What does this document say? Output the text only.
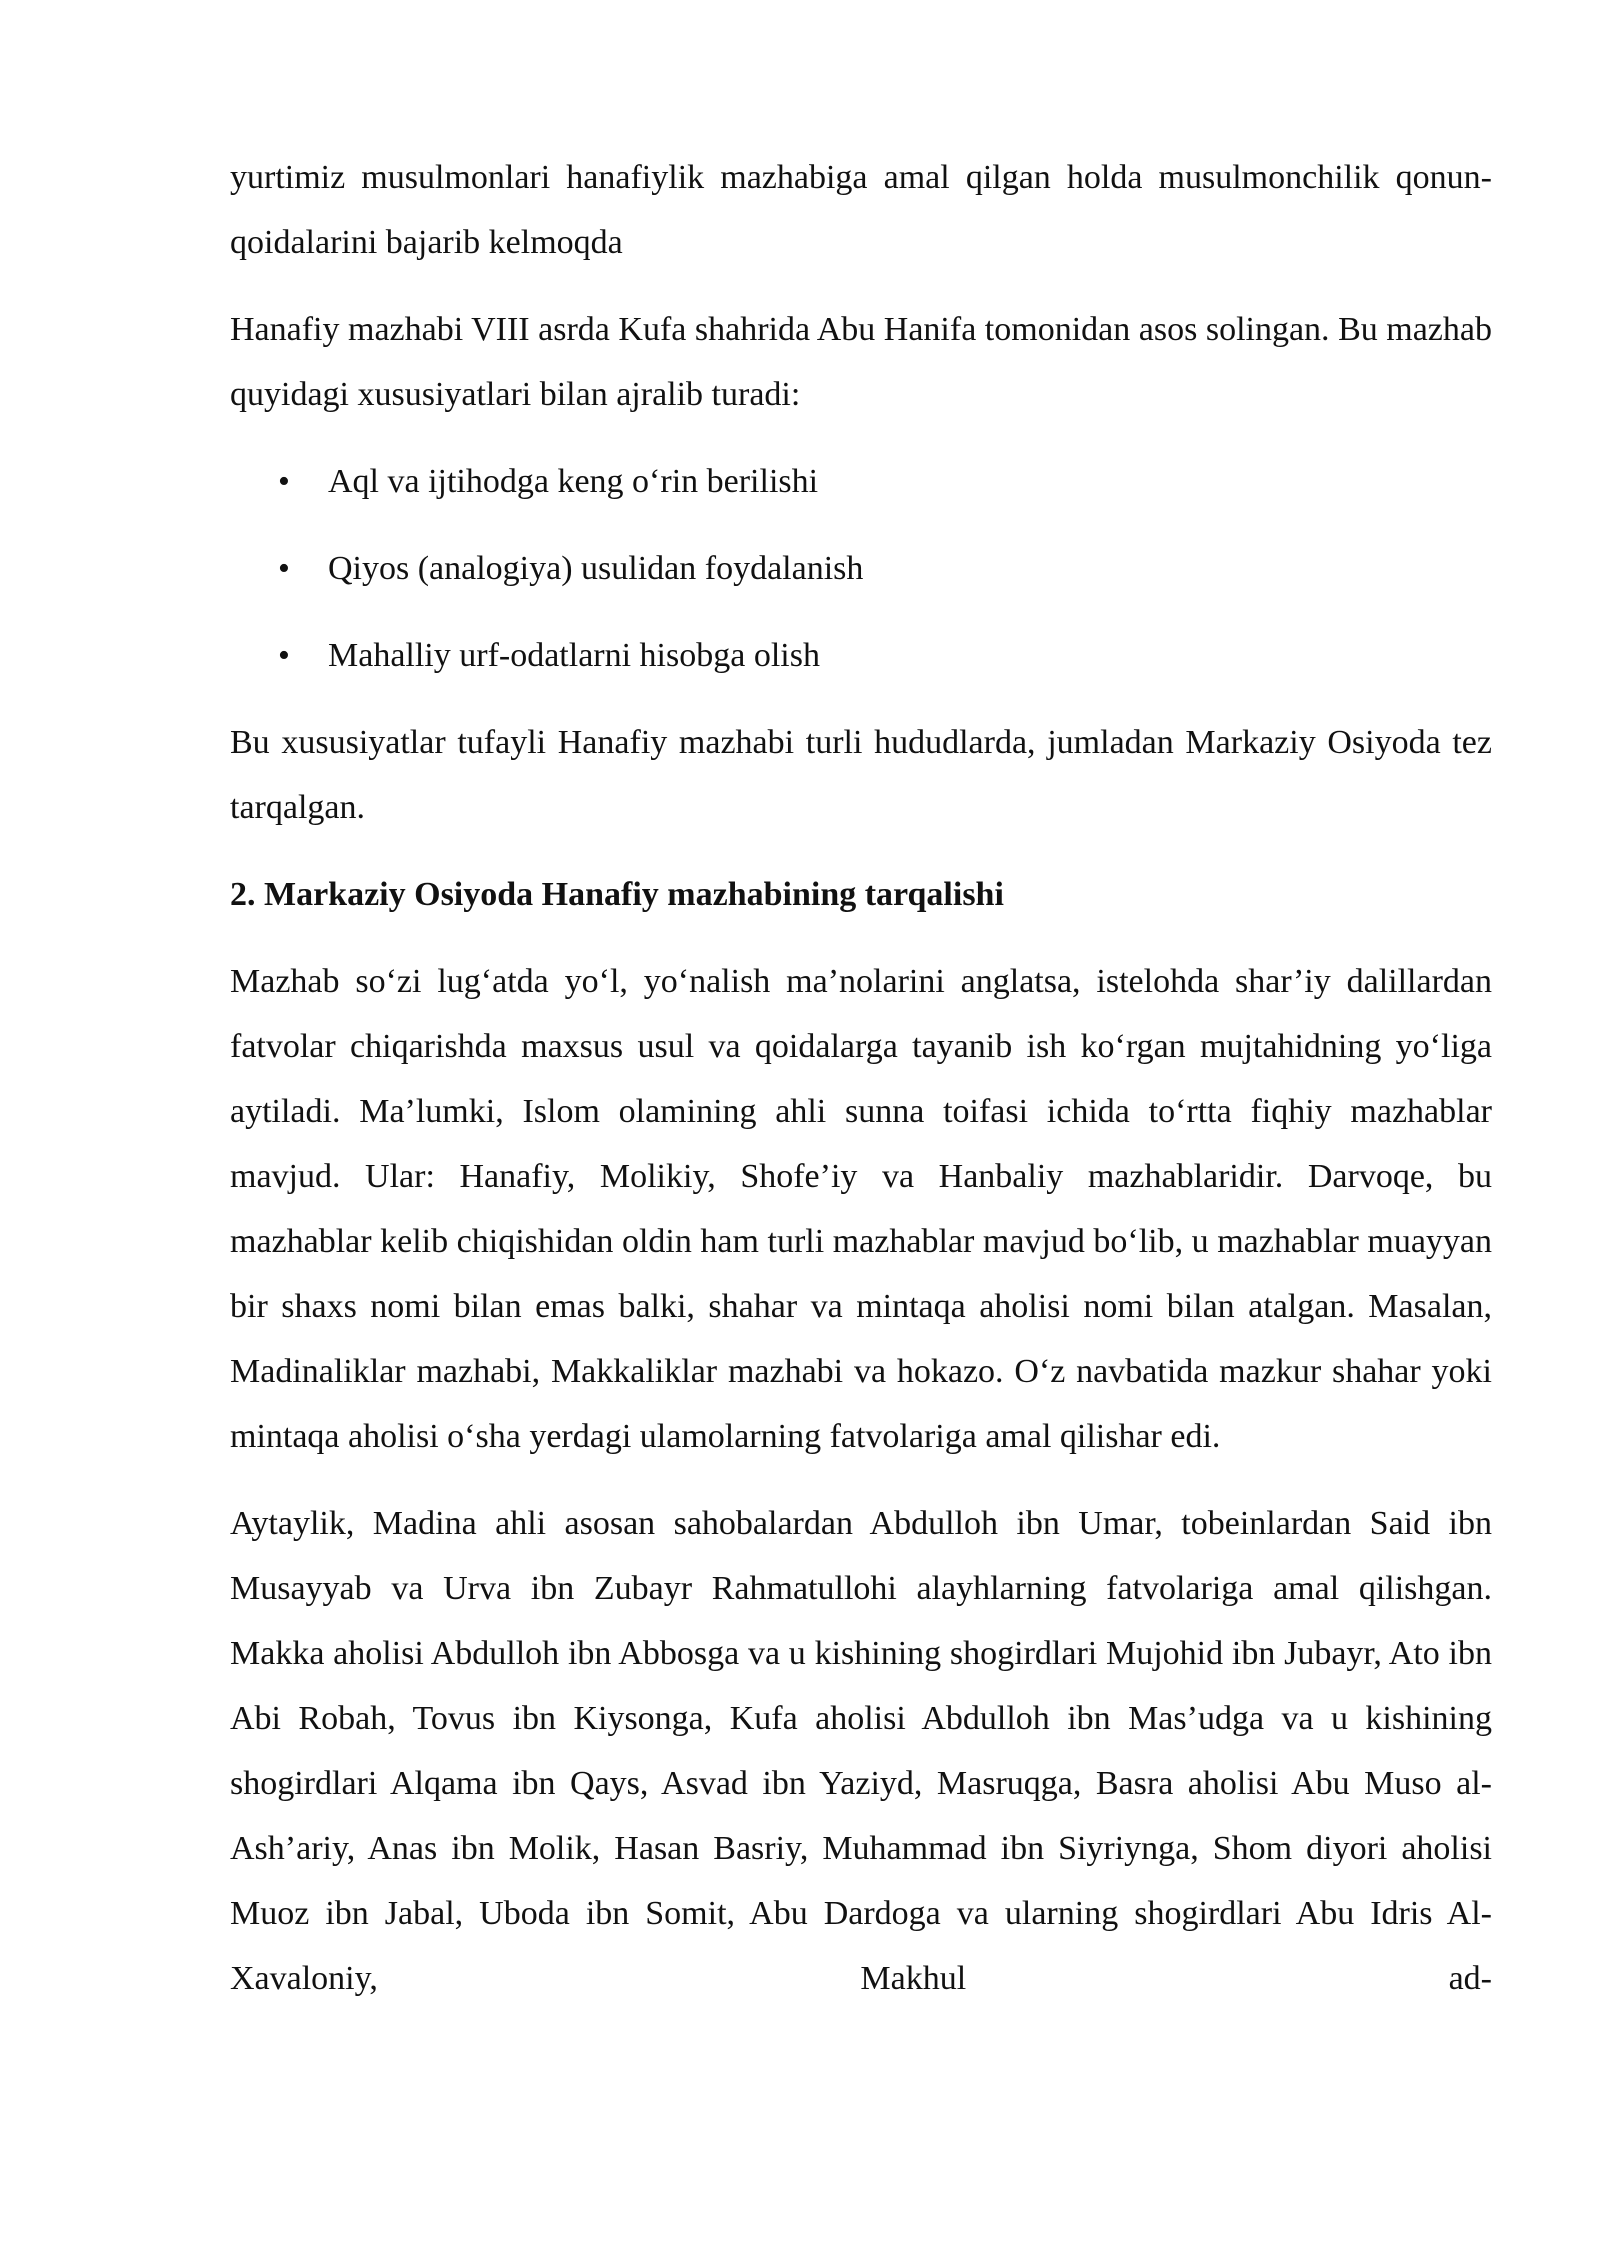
yurtimiz musulmonlari hanafiylik mazhabiga amal qilgan holda musulmonchilik qonun-qoidalarini bajarib kelmoqda

Hanafiy mazhabi VIII asrda Kufa shahrida Abu Hanifa tomonidan asos solingan. Bu mazhab quyidagi xususiyatlari bilan ajralib turadi:

• Aql va ijtihodga keng o‘rin berilishi
• Qiyos (analogiya) usulidan foydalanish
• Mahalliy urf-odatlarni hisobga olish

Bu xususiyatlar tufayli Hanafiy mazhabi turli hududlarda, jumladan Markaziy Osiyoda tez tarqalgan.

2. Markaziy Osiyoda Hanafiy mazhabining tarqalishi

Mazhab so‘zi lug‘atda yo‘l, yo‘nalish ma’nolarini anglatsa, istelohda shar’iy dalillardan fatvolar chiqarishda maxsus usul va qoidalarga tayanib ish ko‘rgan mujtahidning yo‘liga aytiladi. Ma’lumki, Islom olamining ahli sunna toifasi ichida to‘rtta fiqhiy mazhablar mavjud. Ular: Hanafiy, Molikiy, Shofe’iy va Hanbaliy mazhablaridir. Darvoqe, bu mazhablar kelib chiqishidan oldin ham turli mazhablar mavjud bo‘lib, u mazhablar muayyan bir shaxs nomi bilan emas balki, shahar va mintaqa aholisi nomi bilan atalgan. Masalan, Madinaliklar mazhabi, Makkaliklar mazhabi va hokazo. O‘z navbatida mazkur shahar yoki mintaqa aholisi o‘sha yerdagi ulamolarning fatvolariga amal qilishar edi.

Aytaylik, Madina ahli asosan sahobalardan Abdulloh ibn Umar, tobeinlardan Said ibn Musayyab va Urva ibn Zubayr Rahmatullohi alayhlarning fatvolariga amal qilishgan. Makka aholisi Abdulloh ibn Abbosga va u kishining shogirdlari Mujohid ibn Jubayr, Ato ibn Abi Robah, Tovus ibn Kiysonga, Kufa aholisi Abdulloh ibn Mas’udga va u kishining shogirdlari Alqama ibn Qays, Asvad ibn Yaziyd, Masruqga, Basra aholisi Abu Muso al-Ash’ariy, Anas ibn Molik, Hasan Basriy, Muhammad ibn Siyriynga, Shom diyori aholisi Muoz ibn Jabal, Uboda ibn Somit, Abu Dardoga va ularning shogirdlari Abu Idris Al-Xavaloniy, Makhul ad-
